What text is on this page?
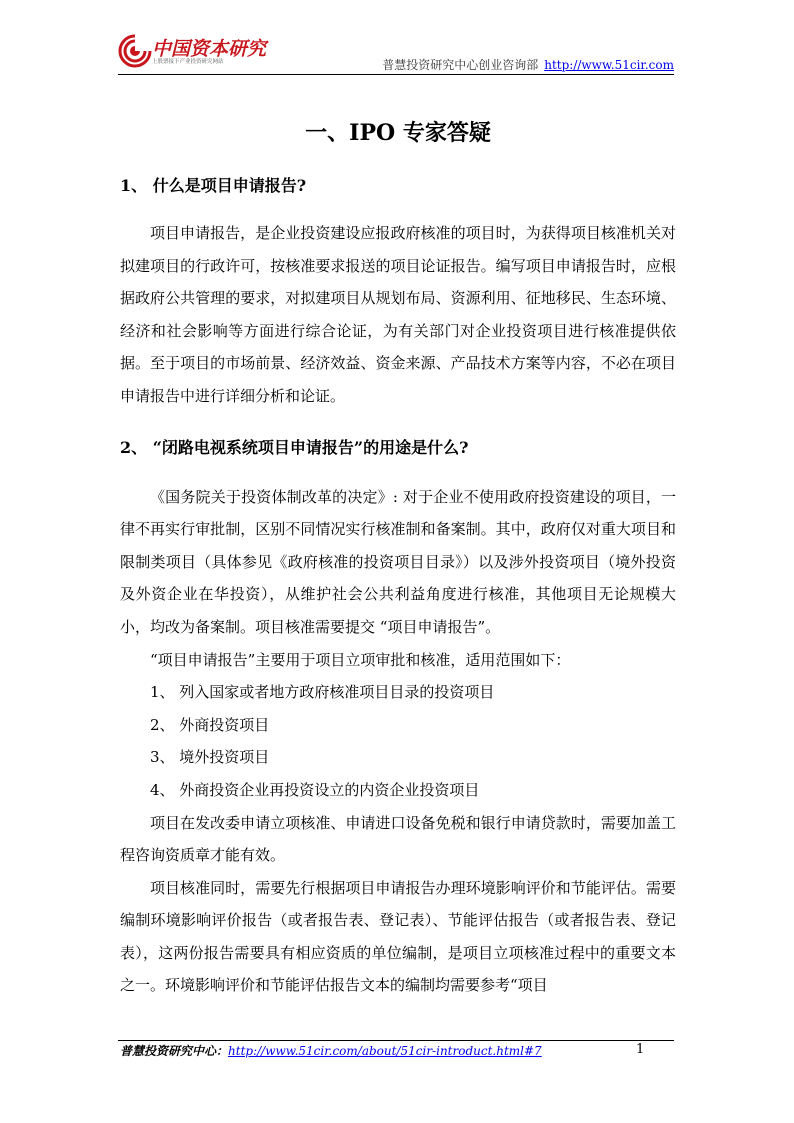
中国资本研究
上股票接下产业投资研究网站	普慧投资研究中心创业咨询部 http://www.51cir.com
一、IPO 专家答疑
1、 什么是项目申请报告?

项目申请报告，是企业投资建设应报政府核准的项目时，为获得项目核准机关对拟建项目的行政许可，按核准要求报送的项目论证报告。编写项目申请报告时，应根据政府公共管理的要求，对拟建项目从规划布局、资源利用、征地移民、生态环境、经济和社会影响等方面进行综合论证，为有关部门对企业投资项目进行核准提供依据。至于项目的市场前景、经济效益、资金来源、产品技术方案等内容，不必在项目申请报告中进行详细分析和论证。

2、 “闭路电视系统项目申请报告”的用途是什么?

《国务院关于投资体制改革的决定》: 对于企业不使用政府投资建设的项目，一律不再实行审批制，区别不同情况实行核准制和备案制。其中，政府仅对重大项目和限制类项目（具体参见《政府核准的投资项目目录》）以及涉外投资项目（境外投资及外资企业在华投资），从维护社会公共利益角度进行核准，其他项目无论规模大小，均改为备案制。项目核准需要提交 “项目申请报告”。

“项目申请报告”主要用于项目立项审批和核准，适用范围如下：

1、 列入国家或者地方政府核准项目目录的投资项目

2、 外商投资项目

3、 境外投资项目

4、 外商投资企业再投资设立的内资企业投资项目

项目在发改委申请立项核准、申请进口设备免税和银行申请贷款时，需要加盖工程咨询资质章才能有效。

项目核准同时，需要先行根据项目申请报告办理环境影响评价和节能评估。需要编制环境影响评价报告（或者报告表、登记表）、节能评估报告（或者报告表、登记表），这两份报告需要具有相应资质的单位编制，是项目立项核准过程中的重要文本之一。环境影响评价和节能评估报告文本的编制均需要参考“项目

普慧投资研究中心：http://www.51cir.com/about/51cir-introduct.html#7	1
